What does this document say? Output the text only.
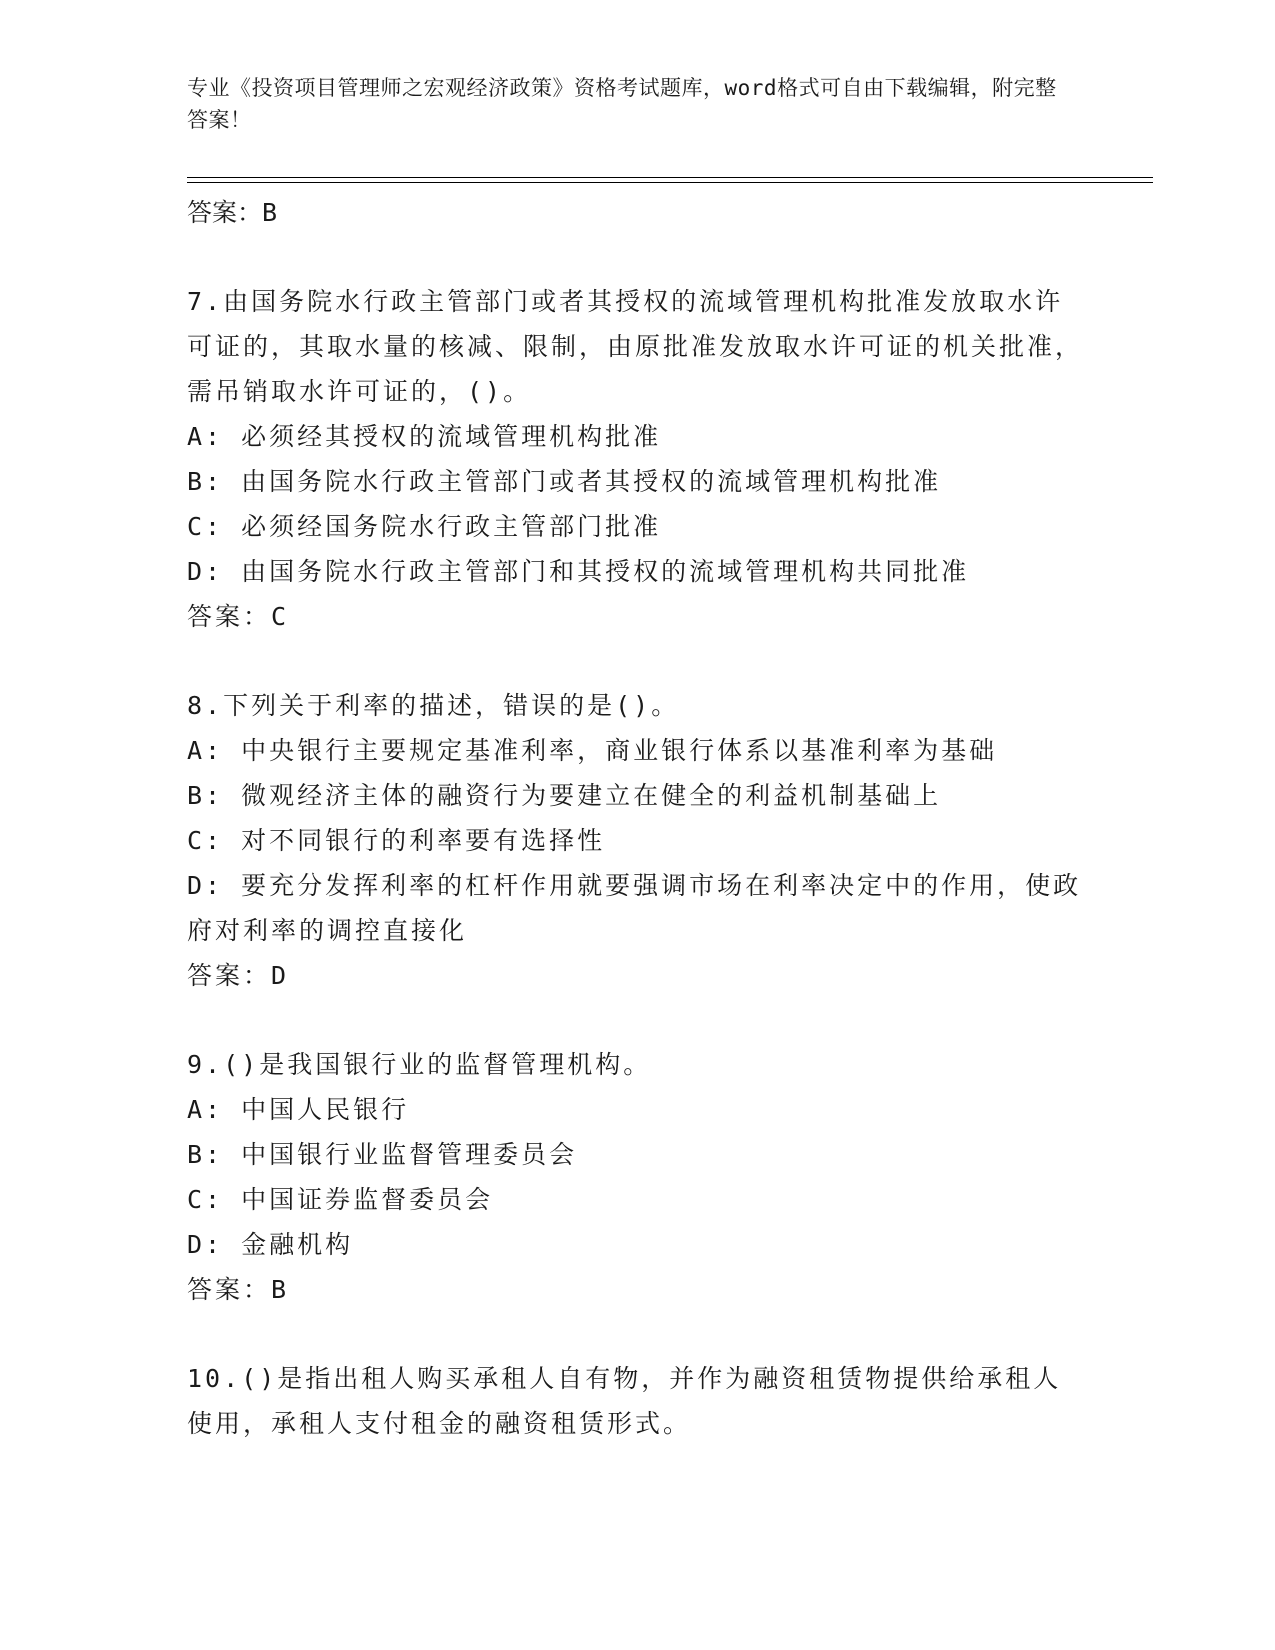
专业《投资项目管理师之宏观经济政策》资格考试题库，word格式可自由下载编辑，附完整答案！
答案：B

7.由国务院水行政主管部门或者其授权的流域管理机构批准发放取水许可证的，其取水量的核减、限制，由原批准发放取水许可证的机关批准，需吊销取水许可证的，()。

A: 必须经其授权的流域管理机构批准

B: 由国务院水行政主管部门或者其授权的流域管理机构批准

C: 必须经国务院水行政主管部门批准

D: 由国务院水行政主管部门和其授权的流域管理机构共同批准

答案：C

8.下列关于利率的描述，错误的是()。

A: 中央银行主要规定基准利率，商业银行体系以基准利率为基础

B: 微观经济主体的融资行为要建立在健全的利益机制基础上

C: 对不同银行的利率要有选择性

D: 要充分发挥利率的杠杆作用就要强调市场在利率决定中的作用，使政府对利率的调控直接化

答案：D

9.()是我国银行业的监督管理机构。

A: 中国人民银行

B: 中国银行业监督管理委员会

C: 中国证券监督委员会

D: 金融机构

答案：B

10.()是指出租人购买承租人自有物，并作为融资租赁物提供给承租人使用，承租人支付租金的融资租赁形式。
